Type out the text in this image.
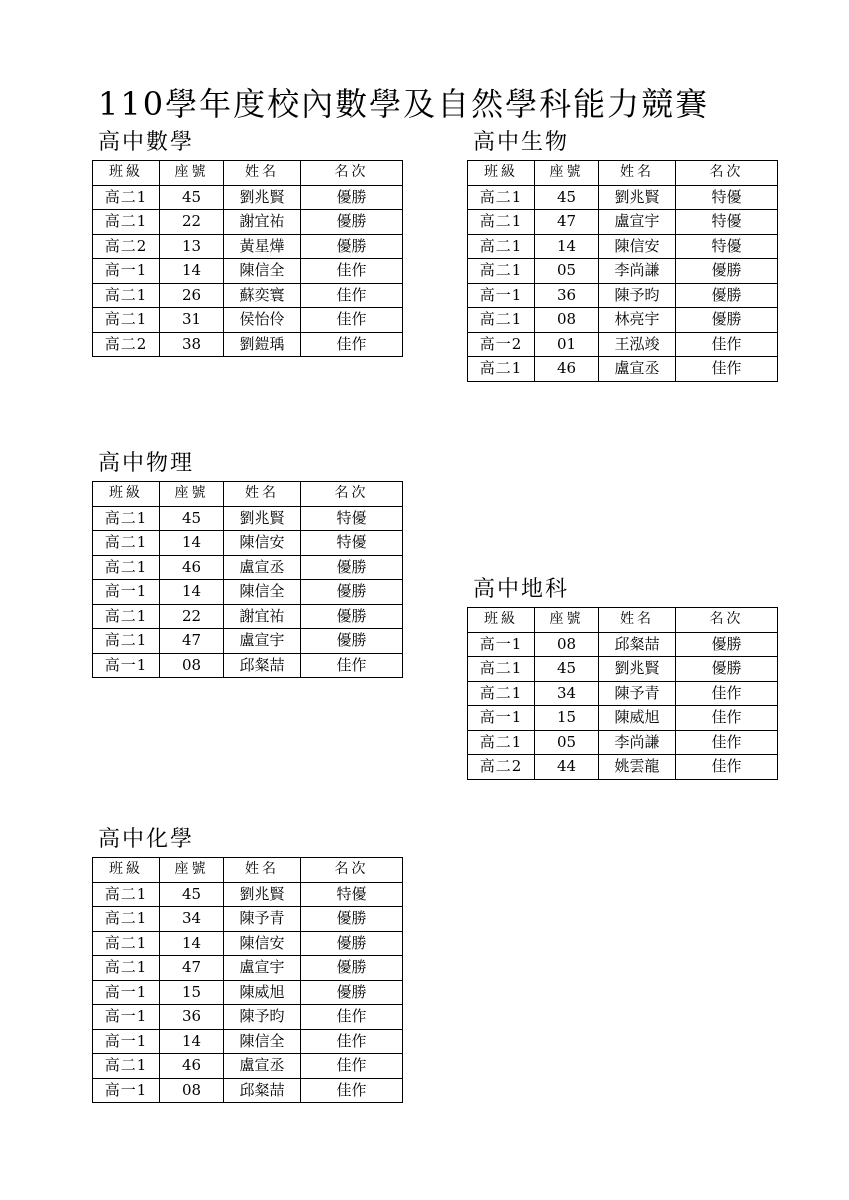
110學年度校內數學及自然學科能力競賽
高中數學
班級	座號	姓名	名次
高二1	45	劉兆賢	優勝
高二1	22	謝宜祐	優勝
高二2	13	黃星燁	優勝
高一1	14	陳信全	佳作
高二1	26	蘇奕寰	佳作
高二1	31	侯怡伶	佳作
高二2	38	劉鎧瑀	佳作
高中生物
班級	座號	姓名	名次
高二1	45	劉兆賢	特優
高二1	47	盧宣宇	特優
高二1	14	陳信安	特優
高二1	05	李尚謙	優勝
高一1	36	陳予昀	優勝
高二1	08	林亮宇	優勝
高一2	01	王泓竣	佳作
高二1	46	盧宣丞	佳作
高中物理
班級	座號	姓名	名次
高二1	45	劉兆賢	特優
高二1	14	陳信安	特優
高二1	46	盧宣丞	優勝
高一1	14	陳信全	優勝
高二1	22	謝宜祐	優勝
高二1	47	盧宣宇	優勝
高一1	08	邱粲喆	佳作
高中地科
班級	座號	姓名	名次
高一1	08	邱粲喆	優勝
高二1	45	劉兆賢	優勝
高二1	34	陳予青	佳作
高一1	15	陳威旭	佳作
高二1	05	李尚謙	佳作
高二2	44	姚雲龍	佳作
高中化學
班級	座號	姓名	名次
高二1	45	劉兆賢	特優
高二1	34	陳予青	優勝
高二1	14	陳信安	優勝
高二1	47	盧宣宇	優勝
高一1	15	陳威旭	優勝
高一1	36	陳予昀	佳作
高一1	14	陳信全	佳作
高二1	46	盧宣丞	佳作
高一1	08	邱粲喆	佳作
